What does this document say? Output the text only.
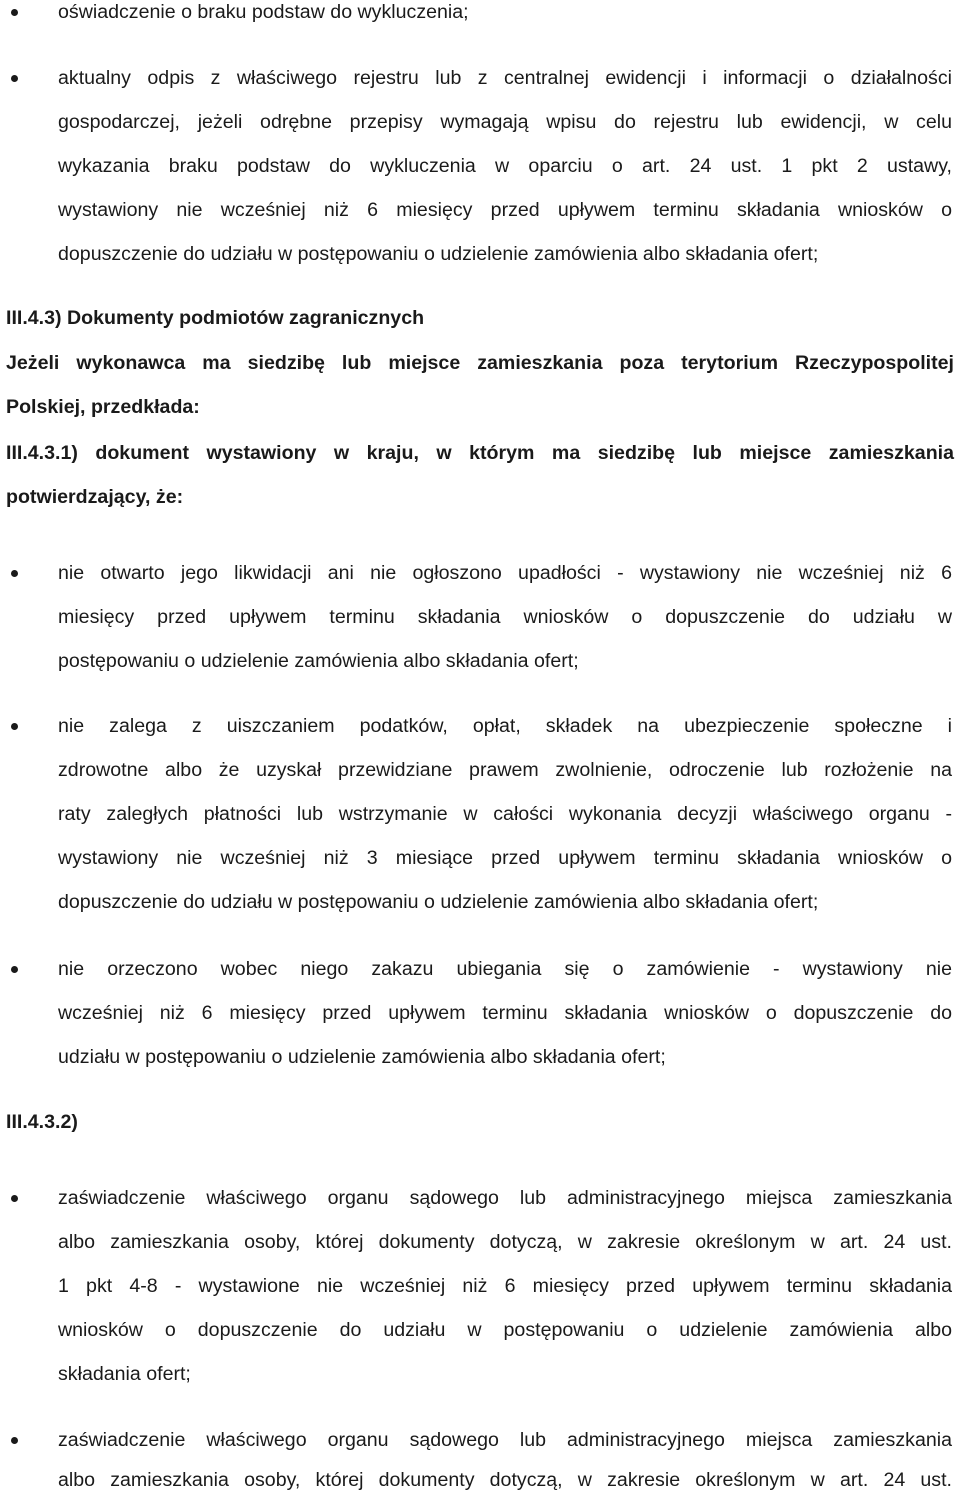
oświadczenie o braku podstaw do wykluczenia;

aktualny odpis z właściwego rejestru lub z centralnej ewidencji i informacji o działalności

gospodarczej, jeżeli odrębne przepisy wymagają wpisu do rejestru lub ewidencji, w celu

wykazania braku podstaw do wykluczenia w oparciu o art. 24 ust. 1 pkt 2 ustawy,

wystawiony nie wcześniej niż 6 miesięcy przed upływem terminu składania wniosków o

dopuszczenie do udziału w postępowaniu o udzielenie zamówienia albo składania ofert;

III.4.3) Dokumenty podmiotów zagranicznych

Jeżeli wykonawca ma siedzibę lub miejsce zamieszkania poza terytorium Rzeczypospolitej

Polskiej, przedkłada:

III.4.3.1) dokument wystawiony w kraju, w którym ma siedzibę lub miejsce zamieszkania

potwierdzający, że:

nie otwarto jego likwidacji ani nie ogłoszono upadłości - wystawiony nie wcześniej niż 6

miesięcy przed upływem terminu składania wniosków o dopuszczenie do udziału w

postępowaniu o udzielenie zamówienia albo składania ofert;

nie zalega z uiszczaniem podatków, opłat, składek na ubezpieczenie społeczne i

zdrowotne albo że uzyskał przewidziane prawem zwolnienie, odroczenie lub rozłożenie na

raty zaległych płatności lub wstrzymanie w całości wykonania decyzji właściwego organu -

wystawiony nie wcześniej niż 3 miesiące przed upływem terminu składania wniosków o

dopuszczenie do udziału w postępowaniu o udzielenie zamówienia albo składania ofert;

nie orzeczono wobec niego zakazu ubiegania się o zamówienie - wystawiony nie

wcześniej niż 6 miesięcy przed upływem terminu składania wniosków o dopuszczenie do

udziału w postępowaniu o udzielenie zamówienia albo składania ofert;

III.4.3.2)

zaświadczenie właściwego organu sądowego lub administracyjnego miejsca zamieszkania

albo zamieszkania osoby, której dokumenty dotyczą, w zakresie określonym w art. 24 ust.

1 pkt 4-8 - wystawione nie wcześniej niż 6 miesięcy przed upływem terminu składania

wniosków o dopuszczenie do udziału w postępowaniu o udzielenie zamówienia albo

składania ofert;

zaświadczenie właściwego organu sądowego lub administracyjnego miejsca zamieszkania

albo zamieszkania osoby, której dokumenty dotyczą, w zakresie określonym w art. 24 ust.
